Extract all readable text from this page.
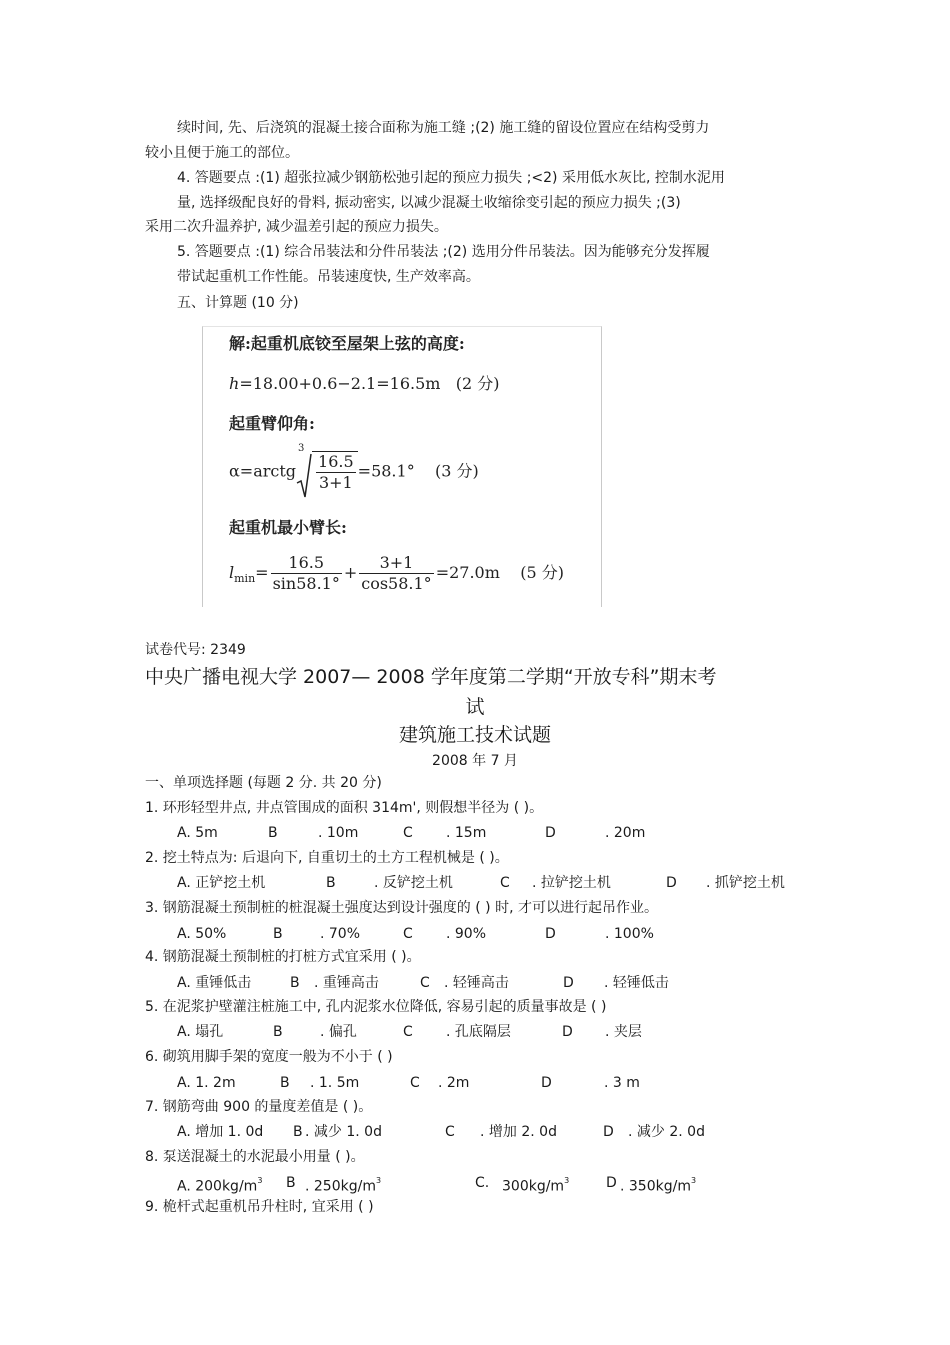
续时间, 先、后浇筑的混凝土接合面称为施工缝 ;(2) 施工缝的留设位置应在结构受剪力
较小且便于施工的部位。
4. 答题要点 :(1) 超张拉减少钢筋松弛引起的预应力损失 ;<2) 采用低水灰比, 控制水泥用
量, 选择级配良好的骨料, 振动密实, 以减少混凝土收缩徐变引起的预应力损失 ;(3)
采用二次升温养护, 减少温差引起的预应力损失。
5. 答题要点 :(1) 综合吊装法和分件吊装法 ;(2) 选用分件吊装法。因为能够充分发挥履
带试起重机工作性能。吊装速度快, 生产效率高。
五、计算题 (10 分)
解:起重机底铰至屋架上弦的高度:
h=18.00+0.6−2.1=16.5m (2 分)
起重臂仰角:
α=arctg
3
$\frac{16.5}{3+1} =58.1^\circ$ (3 分)
起重机最小臂长:
$l_{min}= \frac{16.5}{\sin 58.1^\circ} + \frac{3+1}{\cos 58.1^\circ} =27.0m$ (5 分)
试卷代号: 2349
中央广播电视大学 2007— 2008 学年度第二学期“开放专科”期末考
试
建筑施工技术试题
2008 年 7 月
一、单项选择题 (每题 2 分. 共 20 分)
1. 环形轻型井点, 井点管围成的面积 314m', 则假想半径为 ( )。
A. 5m	B	. 10m	C . 15m	D	. 20m
2. 挖土特点为: 后退向下, 自重切土的土方工程机械是 ( )。
A. 正铲挖土机	B	. 反铲挖土机	C . 拉铲挖土机	D . 抓铲挖土机
3. 钢筋混凝土预制桩的桩混凝土强度达到设计强度的 ( ) 时, 才可以进行起吊作业。
A. 50%	B	. 70%	C . 90%	D	. 100%
4. 钢筋混凝土预制桩的打桩方式宜采用 ( )。
A. 重锤低击	B . 重锤高击	C . 轻锤高击	D . 轻锤低击
5. 在泥浆护壁灌注桩施工中, 孔内泥浆水位降低, 容易引起的质量事故是 ( )
A. 塌孔	B	. 偏孔	C . 孔底隔层	D . 夹层
6. 砌筑用脚手架的宽度一般为不小于 ( )
A. 1. 2m	B . 1. 5m	C . 2m	D	. 3 m
7. 钢筋弯曲 900 的量度差值是 ( )。
A. 增加 1. 0d B . 减少 1. 0d	C . 增加 2. 0d	D . 减少 2. 0d
8. 泵送混凝土的水泥最小用量 ( )。
A. $200kg/m^3$ B . $250kg/m^3$	C. $300kg/m^3$	D . $350kg/m^3$
9. 桅杆式起重机吊升柱时, 宜采用 ( )
